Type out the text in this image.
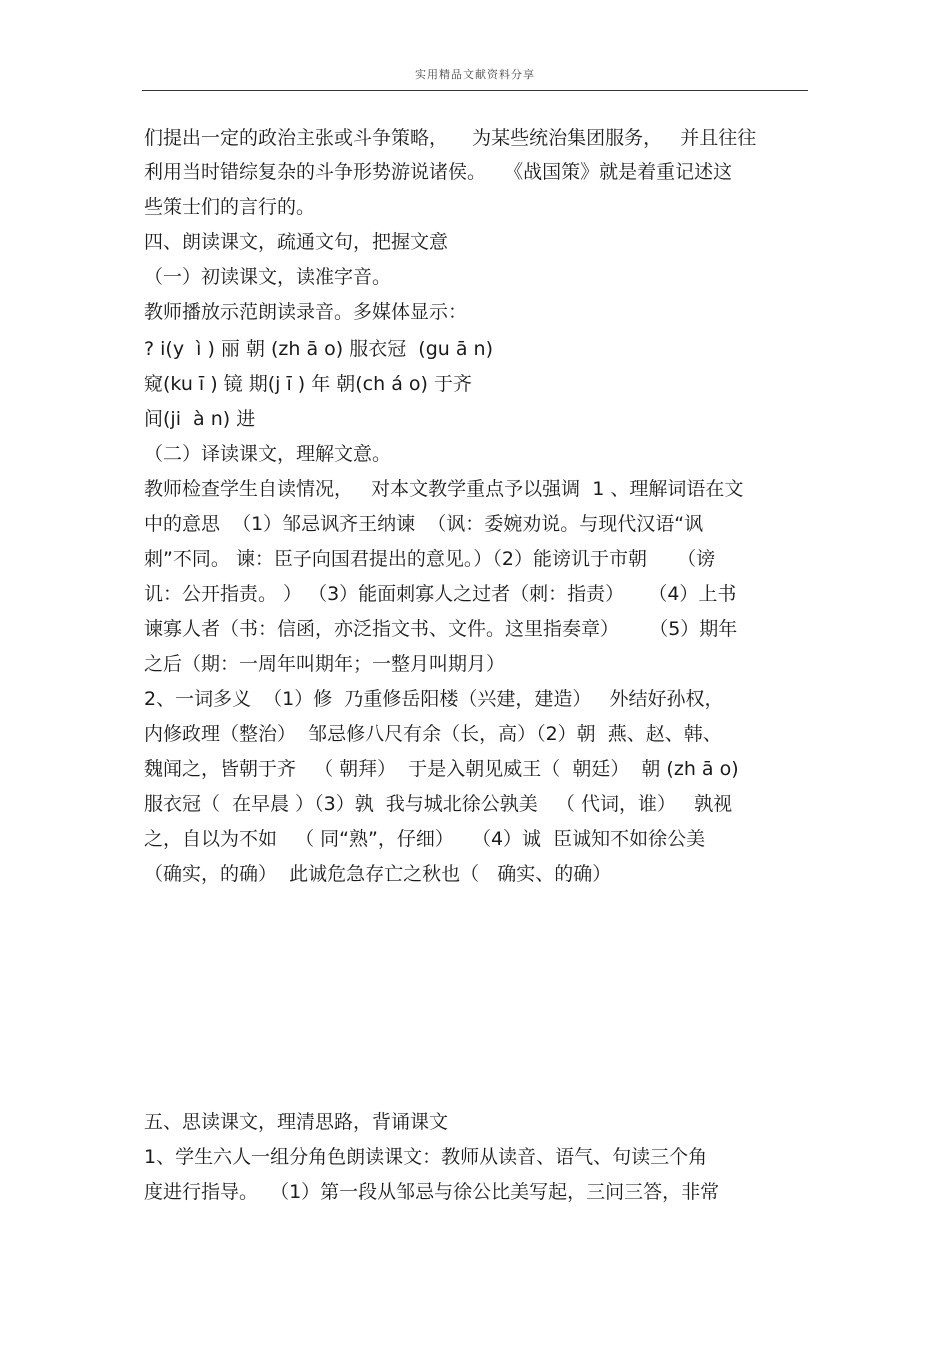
实用精品文献资料分享
们提出一定的政治主张或斗争策略，    为某些统治集团服务，   并且往往
利用当时错综复杂的斗争形势游说诸侯。   《战国策》就是着重记述这
些策士们的言行的。
四、朗读课文，疏通文句，把握文意
（一）初读课文，读准字音。
教师播放示范朗读录音。多媒体显示：
? i(y  ì ) 丽 朝 (zh ā o) 服衣冠  (gu ā n)
窥(ku ī ) 镜 期(j ī ) 年 朝(ch á o) 于齐
间(ji  à n) 进
（二）译读课文，理解文意。
教师检查学生自读情况，   对本文教学重点予以强调  1 、理解词语在文
中的意思  （1）邹忌讽齐王纳谏  （讽：委婉劝说。与现代汉语“讽
刺”不同。 谏：臣子向国君提出的意见。）（2）能谤讥于市朝     （谤
讥：公开指责。 ） （3）能面刺寡人之过者（刺：指责）    （4）上书
谏寡人者（书：信函，亦泛指文书、文件。这里指奏章）     （5）期年
之后（期：一周年叫期年；一整月叫期月）
2、一词多义  （1）修  乃重修岳阳楼（兴建，建造）   外结好孙权，
内修政理（整治）  邹忌修八尺有余（长，高）（2）朝  燕、赵、韩、
魏闻之，皆朝于齐   （ 朝拜）  于是入朝见威王（  朝廷）  朝 (zh ā o)
服衣冠（  在早晨 ）（3）孰  我与城北徐公孰美   （ 代词，谁）   孰视
之，自以为不如   （ 同“熟”，仔细）   （4）诚  臣诚知不如徐公美
（确实，的确）  此诚危急存亡之秋也（   确实、的确）
五、思读课文，理清思路，背诵课文
1、学生六人一组分角色朗读课文：教师从读音、语气、句读三个角
度进行指导。  （1）第一段从邹忌与徐公比美写起，三问三答，非常
